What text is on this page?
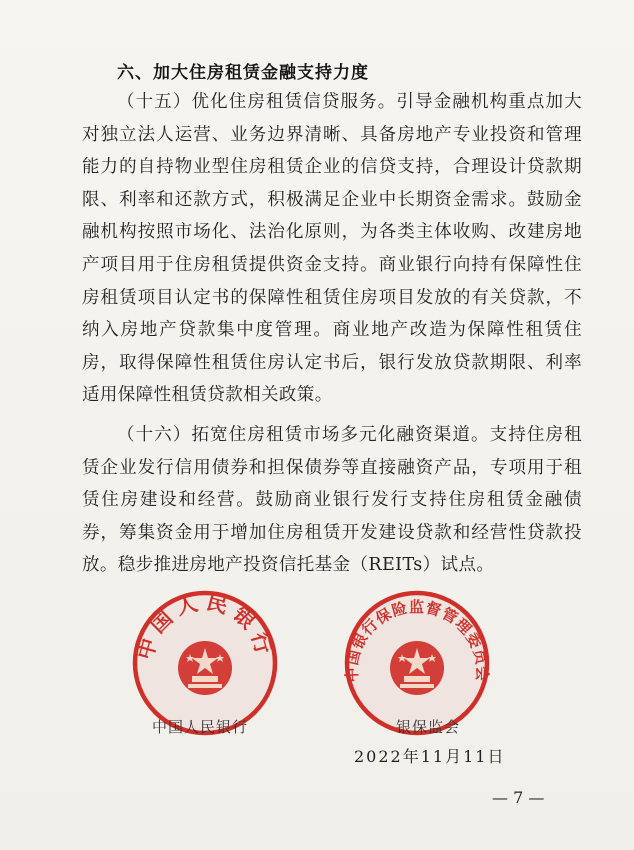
六、加大住房租赁金融支持力度
（十五）优化住房租赁信贷服务。引导金融机构重点加大对独立法人运营、业务边界清晰、具备房地产专业投资和管理能力的自持物业型住房租赁企业的信贷支持，合理设计贷款期限、利率和还款方式，积极满足企业中长期资金需求。鼓励金融机构按照市场化、法治化原则，为各类主体收购、改建房地产项目用于住房租赁提供资金支持。商业银行向持有保障性住房租赁项目认定书的保障性租赁住房项目发放的有关贷款，不纳入房地产贷款集中度管理。商业地产改造为保障性租赁住房，取得保障性租赁住房认定书后，银行发放贷款期限、利率适用保障性租赁贷款相关政策。
（十六）拓宽住房租赁市场多元化融资渠道。支持住房租赁企业发行信用债券和担保债券等直接融资产品，专项用于租赁住房建设和经营。鼓励商业银行发行支持住房租赁金融债券，筹集资金用于增加住房租赁开发建设贷款和经营性贷款投放。稳步推进房地产投资信托基金（REITs）试点。
中国人民银行
中国银行保险监督管理委员会
中国人民银行	银保监会
2022年11月11日
— 7 —
